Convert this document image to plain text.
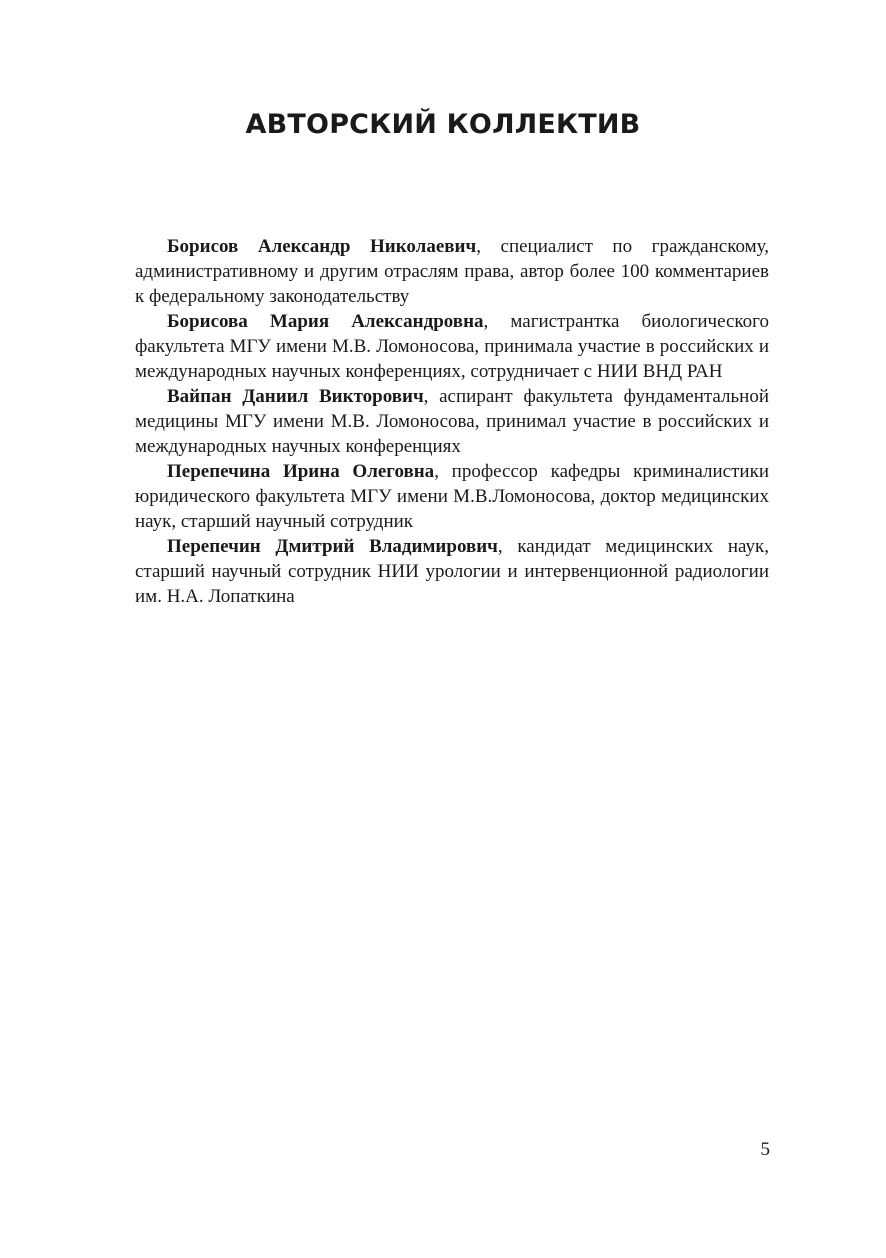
АВТОРСКИЙ КОЛЛЕКТИВ

Борисов Александр Николаевич, специалист по гражданскому, административному и другим отраслям права, автор более 100 комментариев к федеральному законодательству

Борисова Мария Александровна, магистрантка биологического факультета МГУ имени М.В. Ломоносова, принимала участие в российских и международных научных конференциях, сотрудничает с НИИ ВНД РАН

Вайпан Даниил Викторович, аспирант факультета фундаментальной медицины МГУ имени М.В. Ломоносова, принимал участие в российских и международных научных конференциях

Перепечина Ирина Олеговна, профессор кафедры криминалистики юридического факультета МГУ имени М.В.Ломоносова, доктор медицинских наук, старший научный сотрудник

Перепечин Дмитрий Владимирович, кандидат медицинских наук, старший научный сотрудник НИИ урологии и интервенционной радиологии им. Н.А. Лопаткина

5
